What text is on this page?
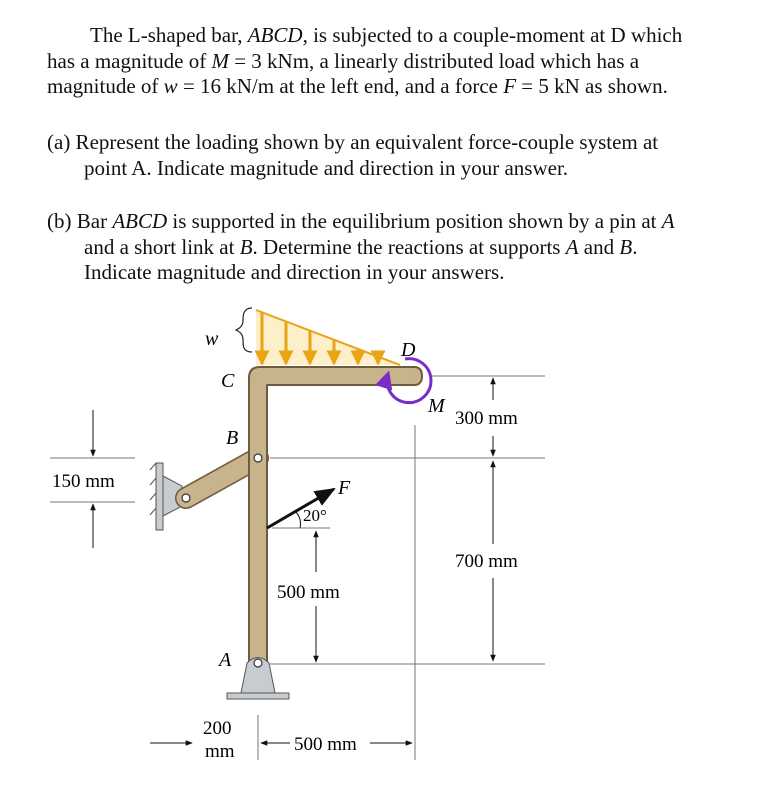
The L-shaped bar, ABCD, is subjected to a couple-moment at D which
has a magnitude of M = 3 kNm, a linearly distributed load which has a
magnitude of w = 16 kN/m at the left end, and a force F = 5 kN as shown.
(a) Represent the loading shown by an equivalent force-couple system at
point A. Indicate magnitude and direction in your answer.
(b) Bar ABCD is supported in the equilibrium position shown by a pin at A
and a short link at B. Determine the reactions at supports A and B.
Indicate magnitude and direction in your answers.
w
M
F
20°
C
D
B
A
300 mm
700 mm
150 mm
500 mm
200
mm	500 mm
